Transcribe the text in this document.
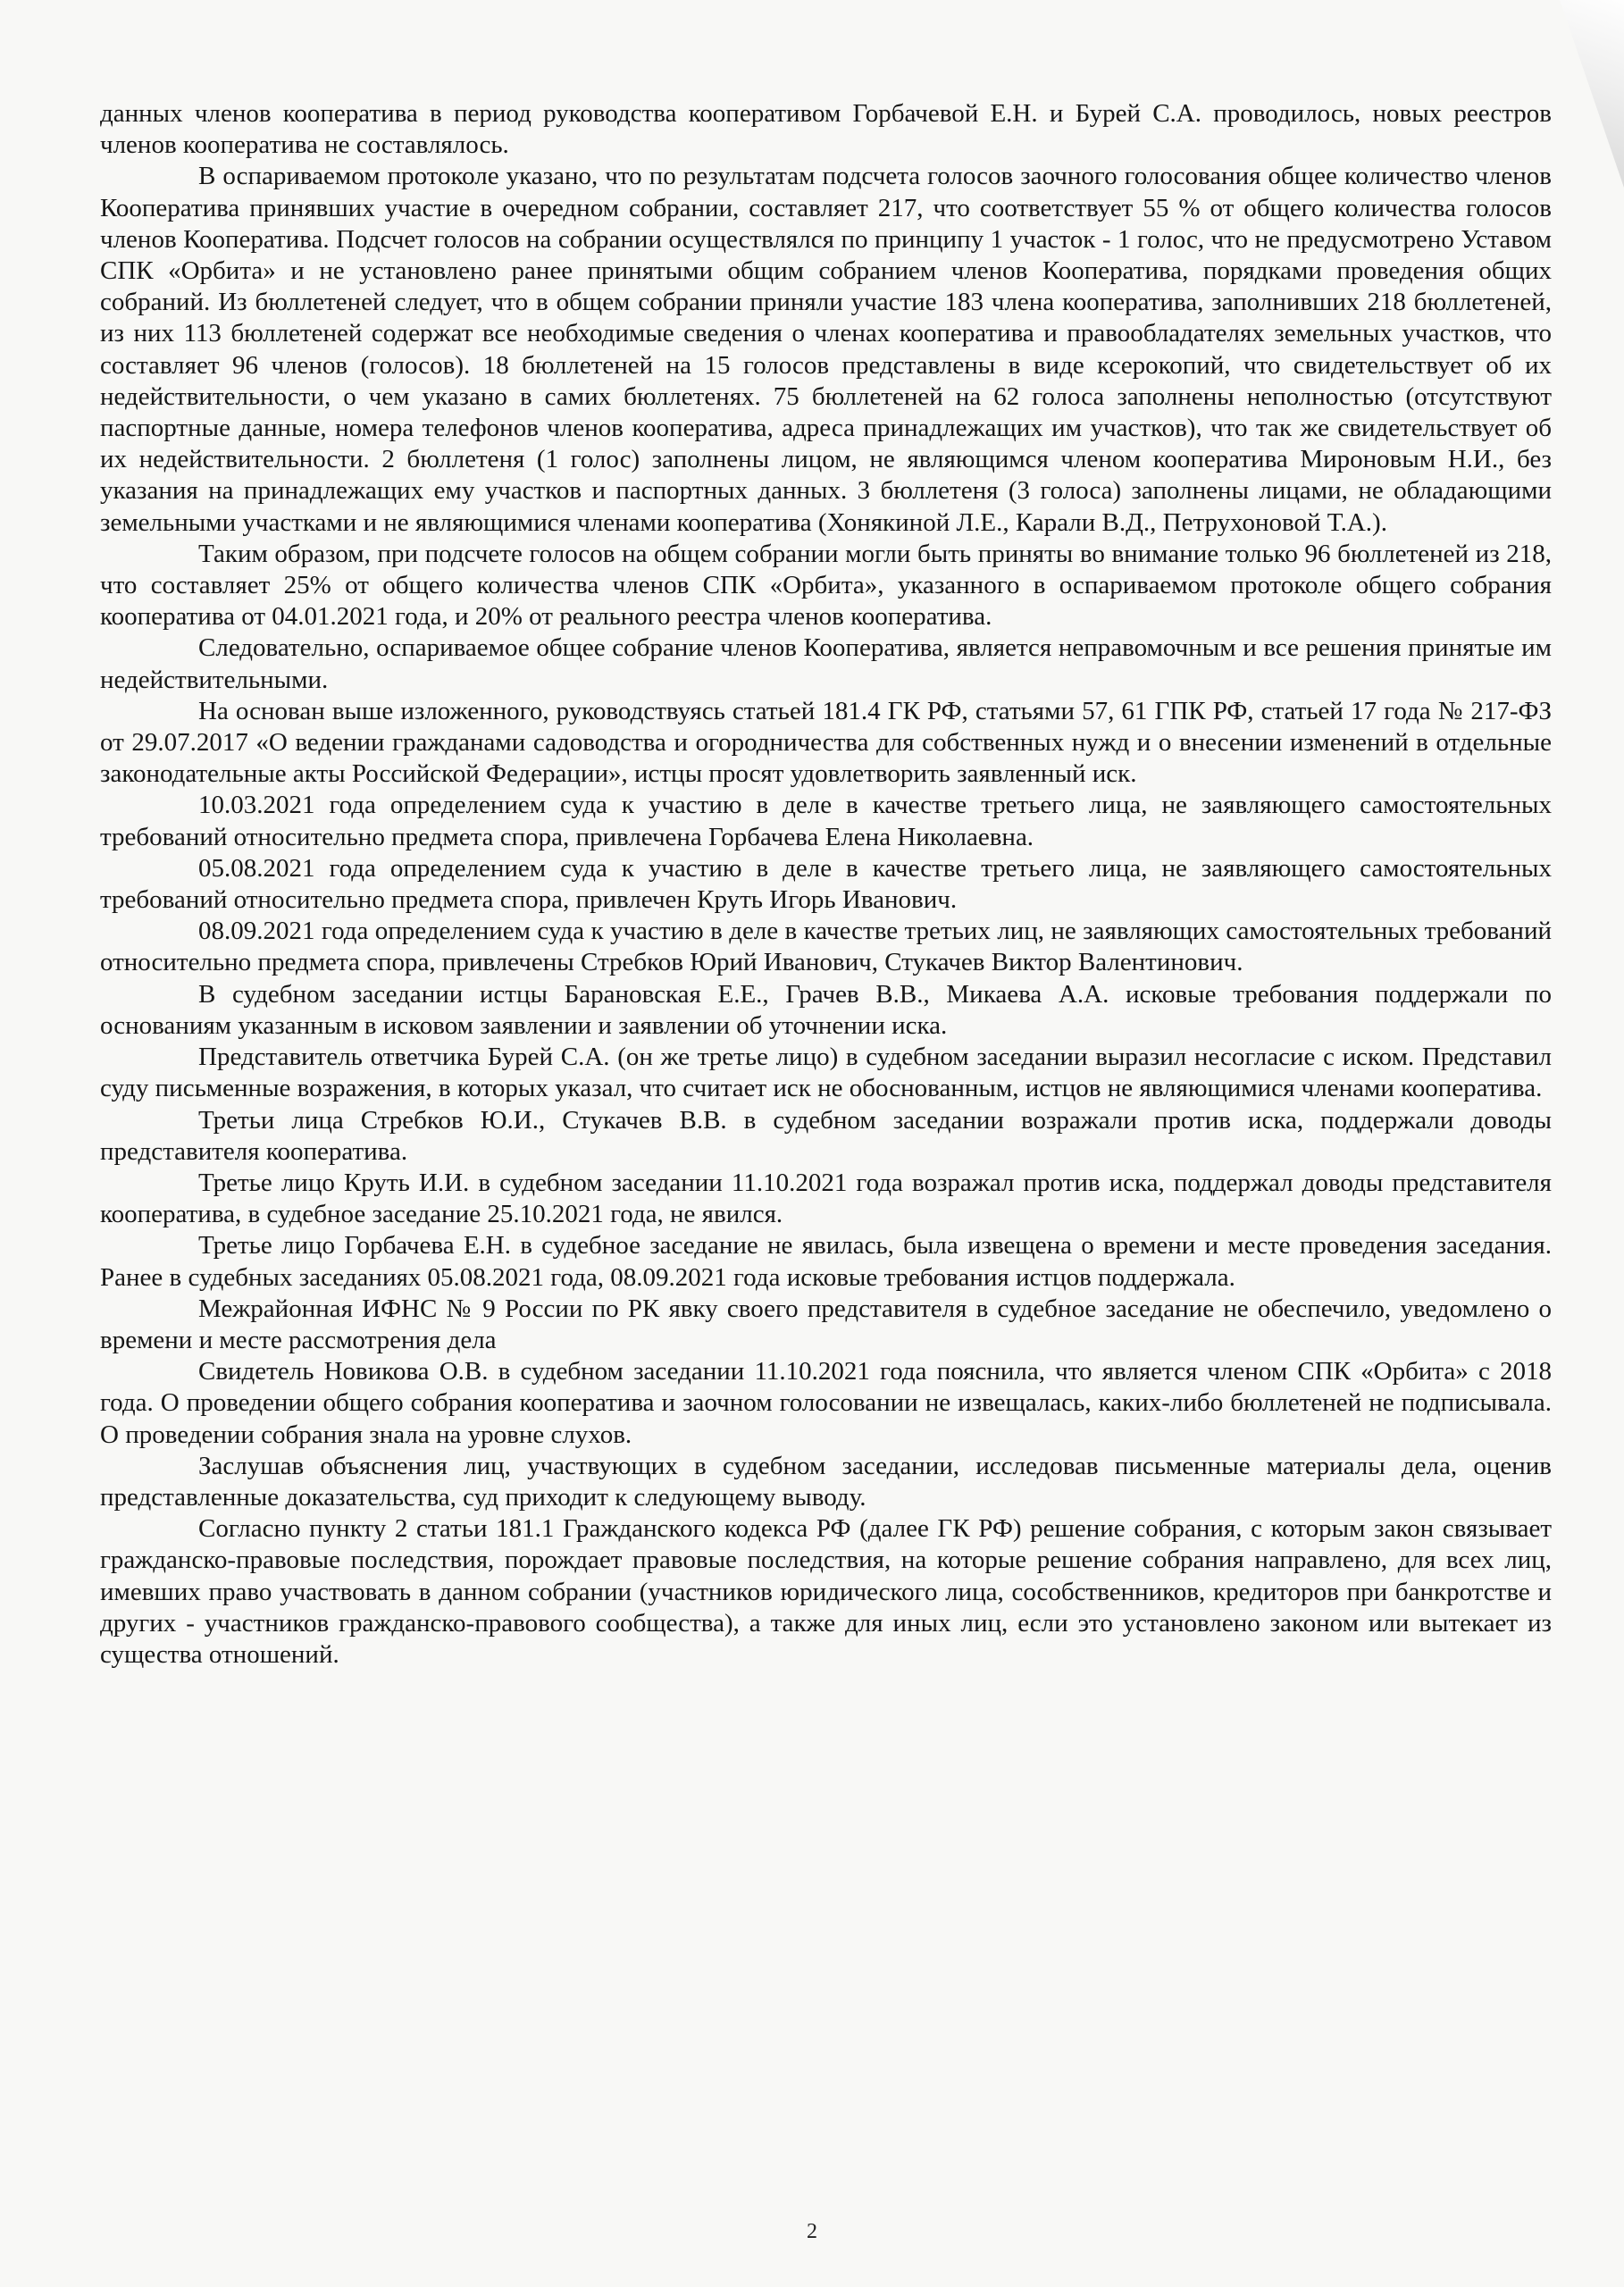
данных членов кооператива в период руководства кооперативом Горбачевой Е.Н. и Бурей С.А. проводилось, новых реестров членов кооператива не составлялось.

В оспариваемом протоколе указано, что по результатам подсчета голосов заочного голосования общее количество членов Кооператива принявших участие в очередном собрании, составляет 217, что соответствует 55 % от общего количества голосов членов Кооператива. Подсчет голосов на собрании осуществлялся по принципу 1 участок - 1 голос, что не предусмотрено Уставом СПК «Орбита» и не установлено ранее принятыми общим собранием членов Кооператива, порядками проведения общих собраний. Из бюллетеней следует, что в общем собрании приняли участие 183 члена кооператива, заполнивших 218 бюллетеней, из них 113 бюллетеней содержат все необходимые сведения о членах кооператива и правообладателях земельных участков, что составляет 96 членов (голосов). 18 бюллетеней на 15 голосов представлены в виде ксерокопий, что свидетельствует об их недействительности, о чем указано в самих бюллетенях. 75 бюллетеней на 62 голоса заполнены неполностью (отсутствуют паспортные данные, номера телефонов членов кооператива, адреса принадлежащих им участков), что так же свидетельствует об их недействительности. 2 бюллетеня (1 голос) заполнены лицом, не являющимся членом кооператива Мироновым Н.И., без указания на принадлежащих ему участков и паспортных данных. 3 бюллетеня (3 голоса) заполнены лицами, не обладающими земельными участками и не являющимися членами кооператива (Хонякиной Л.Е., Карали В.Д., Петрухоновой Т.А.).

Таким образом, при подсчете голосов на общем собрании могли быть приняты во внимание только 96 бюллетеней из 218, что составляет 25% от общего количества членов СПК «Орбита», указанного в оспариваемом протоколе общего собрания кооператива от 04.01.2021 года, и 20% от реального реестра членов кооператива.

Следовательно, оспариваемое общее собрание членов Кооператива, является неправомочным и все решения принятые им недействительными.

На основан выше изложенного, руководствуясь статьей 181.4 ГК РФ, статьями 57, 61 ГПК РФ, статьей 17 года № 217-ФЗ от 29.07.2017 «О ведении гражданами садоводства и огородничества для собственных нужд и о внесении изменений в отдельные законодательные акты Российской Федерации», истцы просят удовлетворить заявленный иск.

10.03.2021 года определением суда к участию в деле в качестве третьего лица, не заявляющего самостоятельных требований относительно предмета спора, привлечена Горбачева Елена Николаевна.

05.08.2021 года определением суда к участию в деле в качестве третьего лица, не заявляющего самостоятельных требований относительно предмета спора, привлечен Круть Игорь Иванович.

08.09.2021 года определением суда к участию в деле в качестве третьих лиц, не заявляющих самостоятельных требований относительно предмета спора, привлечены Стребков Юрий Иванович, Стукачев Виктор Валентинович.

В судебном заседании истцы Барановская Е.Е., Грачев В.В., Микаева А.А. исковые требования поддержали по основаниям указанным в исковом заявлении и заявлении об уточнении иска.

Представитель ответчика Бурей С.А. (он же третье лицо) в судебном заседании выразил несогласие с иском. Представил суду письменные возражения, в которых указал, что считает иск не обоснованным, истцов не являющимися членами кооператива.

Третьи лица Стребков Ю.И., Стукачев В.В. в судебном заседании возражали против иска, поддержали доводы представителя кооператива.

Третье лицо Круть И.И. в судебном заседании 11.10.2021 года возражал против иска, поддержал доводы представителя кооператива, в судебное заседание 25.10.2021 года, не явился.

Третье лицо Горбачева Е.Н. в судебное заседание не явилась, была извещена о времени и месте проведения заседания. Ранее в судебных заседаниях 05.08.2021 года, 08.09.2021 года исковые требования истцов поддержала.

Межрайонная ИФНС № 9 России по РК явку своего представителя в судебное заседание не обеспечило, уведомлено о времени и месте рассмотрения дела

Свидетель Новикова О.В. в судебном заседании 11.10.2021 года пояснила, что является членом СПК «Орбита» с 2018 года. О проведении общего собрания кооператива и заочном голосовании не извещалась, каких-либо бюллетеней не подписывала. О проведении собрания знала на уровне слухов.

Заслушав объяснения лиц, участвующих в судебном заседании, исследовав письменные материалы дела, оценив представленные доказательства, суд приходит к следующему выводу.

Согласно пункту 2 статьи 181.1 Гражданского кодекса РФ (далее ГК РФ) решение собрания, с которым закон связывает гражданско-правовые последствия, порождает правовые последствия, на которые решение собрания направлено, для всех лиц, имевших право участвовать в данном собрании (участников юридического лица, сособственников, кредиторов при банкротстве и других - участников гражданско-правового сообщества), а также для иных лиц, если это установлено законом или вытекает из существа отношений.

2
